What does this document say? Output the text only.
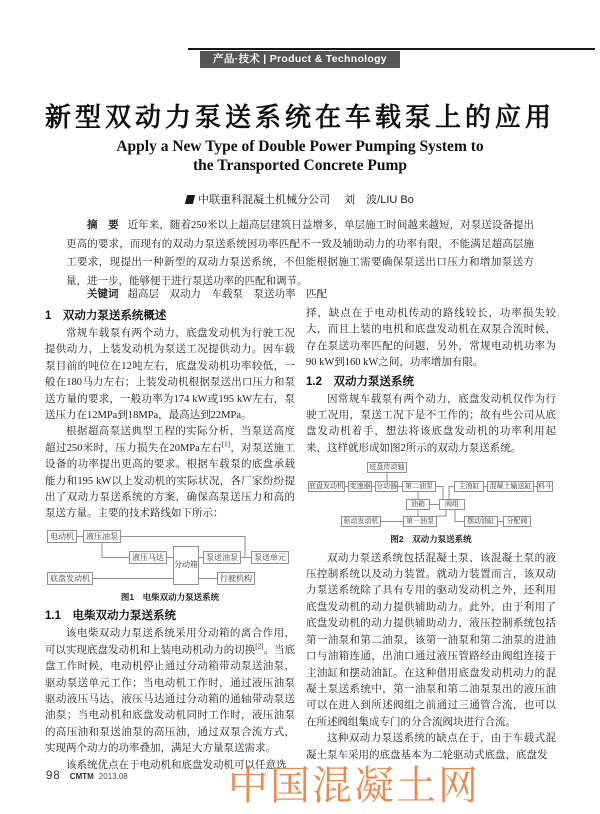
产品·技术 | Product & Technology
新型双动力泵送系统在车载泵上的应用
Apply a New Type of Double Power Pumping System to
the Transported Concrete Pump
中联重科混凝土机械分公司 刘　波/LIU Bo
摘　要 近年来，随着250米以上超高层建筑日益增多，单层施工时间越来越短，对泵送设备提出更高的要求，而现有的双动力泵送系统因功率匹配不一致及辅助动力的功率有限，不能满足超高层施工要求，现提出一种新型的双动力泵送系统，不但能根据施工需要确保泵送出口压力和增加泵送方量，进一步，能够便于进行泵送功率的匹配和调节。
关键词 超高层　双动力　车载泵　泵送功率　匹配
1　双动力泵送系统概述

常规车载泵有两个动力，底盘发动机为行驶工况提供动力，上装发动机为泵送工况提供动力。因车载泵目前的吨位在12吨左右，底盘发动机功率较低，一般在180马力左右；上装发动机根据泵送出口压力和泵送方量的要求，一般功率为174 kW或195 kW左右，泵送压力在12MPa到18MPa，最高达到22MPa。

根据超高泵送典型工程的实际分析，当泵送高度超过250米时，压力损失在20MPa左右[1]，对泵送施工设备的功率提出更高的要求。根据车载泵的底盘承载能力和195 kW以上发动机的实际状况，各厂家纷纷提出了双动力泵送系统的方案，确保高泵送压力和高的泵送方量。主要的技术路线如下所示：

电动机	液压油泵
液压马达
分动箱
泵送油泵	泵送单元
底盘发动机	行驶机构
图1　电柴双动力泵送系统
1.1　电柴双动力泵送系统

该电柴双动力泵送系统采用分动箱的离合作用，可以实现底盘发动机和上装电动机动力的切换[2]。当底盘工作时候，电动机停止通过分动箱带动泵送油泵，驱动泵送单元工作；当电动机工作时，通过液压油泵驱动液压马达，液压马达通过分动箱的通轴带动泵送油泵；当电动机和底盘发动机同时工作时，液压油泵的高压油和泵送油泵的高压油，通过双泵合流方式，实现两个动力的功率叠加，满足大方量泵送需求。

该系统优点在于电动机和底盘发动机可以任意选

择，缺点在于电动机传动的路线较长，功率损失较大，而且上装的电机和底盘发动机在双泵合流时候，存在泵送功率匹配的问题，另外，常规电动机功率为90 kW到160 kW之间，功率增加有限。

1.2　双动力泵送系统

因常规车载泵有两个动力，底盘发动机仅作为行驶工况用，泵送工况下是不工作的；故有些公司从底盘发动机着手，想法将该底盘发动机的功率利用起来，这样就形成如图2所示的双动力泵送系统。

底盘传动轴
底盘发动机 变速器 分动器	第二油泵	主油缸	混凝土输送缸 料斗
油箱	阀组
驱动发动机	第一油泵	摆动油缸	分配阀
图2　双动力泵送系统

双动力泵送系统包括混凝土泵、该混凝土泵的液压控制系统以及动力装置。就动力装置而言，该双动力泵送系统除了具有专用的驱动发动机之外，还利用底盘发动机的动力提供辅助动力。此外，由于利用了底盘发动机的动力提供辅助动力，液压控制系统包括第一油泵和第二油泵，该第一油泵和第二油泵的进油口与油箱连通，出油口通过液压管路经由阀组连接于主油缸和摆动油缸。在这种借用底盘发动机动力的混凝土泵送系统中，第一油泵和第二油泵泵出的液压油可以在进入到所述阀组之前通过三通管合流，也可以在所述阀组集成专门的分合流阀块进行合流。

这种双动力泵送系统的缺点在于，由于车载式混凝土泵车采用的底盘基本为二轮驱动式底盘，底盘发

中国混凝土网
98 CMTM 2013.08
